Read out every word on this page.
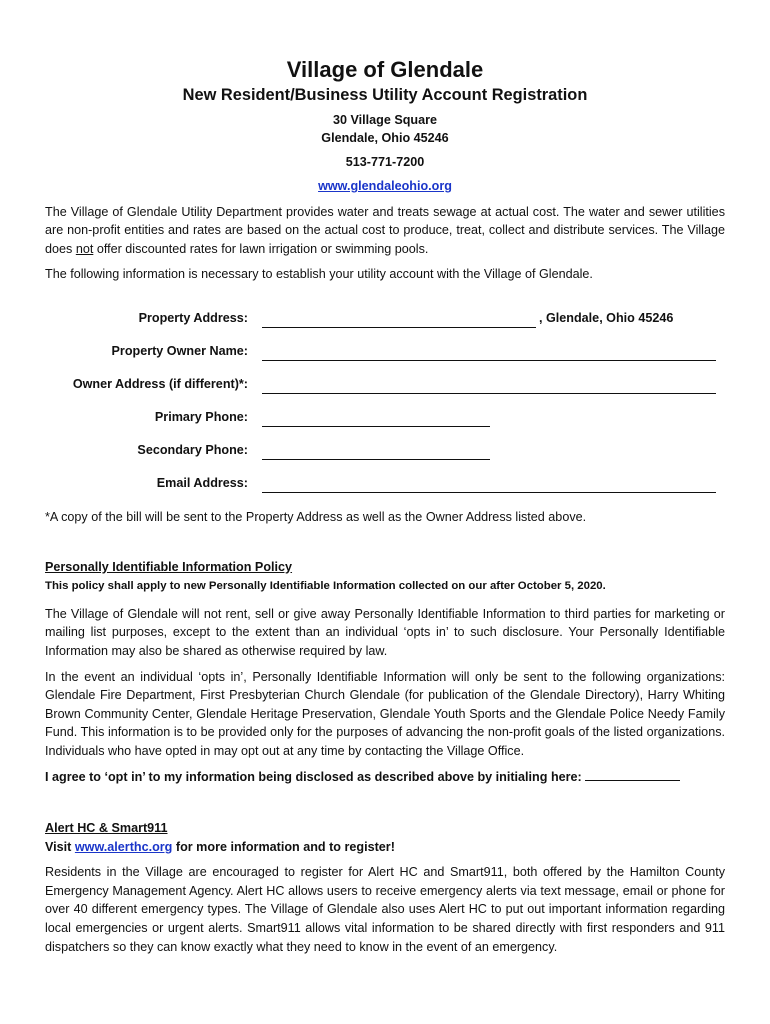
Village of Glendale

New Resident/Business Utility Account Registration

30 Village Square
Glendale, Ohio 45246
513-771-7200
www.glendaleohio.org

The Village of Glendale Utility Department provides water and treats sewage at actual cost. The water and sewer utilities are non-profit entities and rates are based on the actual cost to produce, treat, collect and distribute services. The Village does not offer discounted rates for lawn irrigation or swimming pools.

The following information is necessary to establish your utility account with the Village of Glendale.

Property Address:	, Glendale, Ohio 45246
Property Owner Name:
Owner Address (if different)*:
Primary Phone:
Secondary Phone:
Email Address:

*A copy of the bill will be sent to the Property Address as well as the Owner Address listed above.

Personally Identifiable Information Policy

This policy shall apply to new Personally Identifiable Information collected on our after October 5, 2020.

The Village of Glendale will not rent, sell or give away Personally Identifiable Information to third parties for marketing or mailing list purposes, except to the extent than an individual ‘opts in’ to such disclosure. Your Personally Identifiable Information may also be shared as otherwise required by law.

In the event an individual ‘opts in’, Personally Identifiable Information will only be sent to the following organizations: Glendale Fire Department, First Presbyterian Church Glendale (for publication of the Glendale Directory), Harry Whiting Brown Community Center, Glendale Heritage Preservation, Glendale Youth Sports and the Glendale Police Needy Family Fund. This information is to be provided only for the purposes of advancing the non-profit goals of the listed organizations. Individuals who have opted in may opt out at any time by contacting the Village Office.

I agree to ‘opt in’ to my information being disclosed as described above by initialing here:

Alert HC & Smart911

Visit www.alerthc.org for more information and to register!

Residents in the Village are encouraged to register for Alert HC and Smart911, both offered by the Hamilton County Emergency Management Agency. Alert HC allows users to receive emergency alerts via text message, email or phone for over 40 different emergency types. The Village of Glendale also uses Alert HC to put out important information regarding local emergencies or urgent alerts. Smart911 allows vital information to be shared directly with first responders and 911 dispatchers so they can know exactly what they need to know in the event of an emergency.
